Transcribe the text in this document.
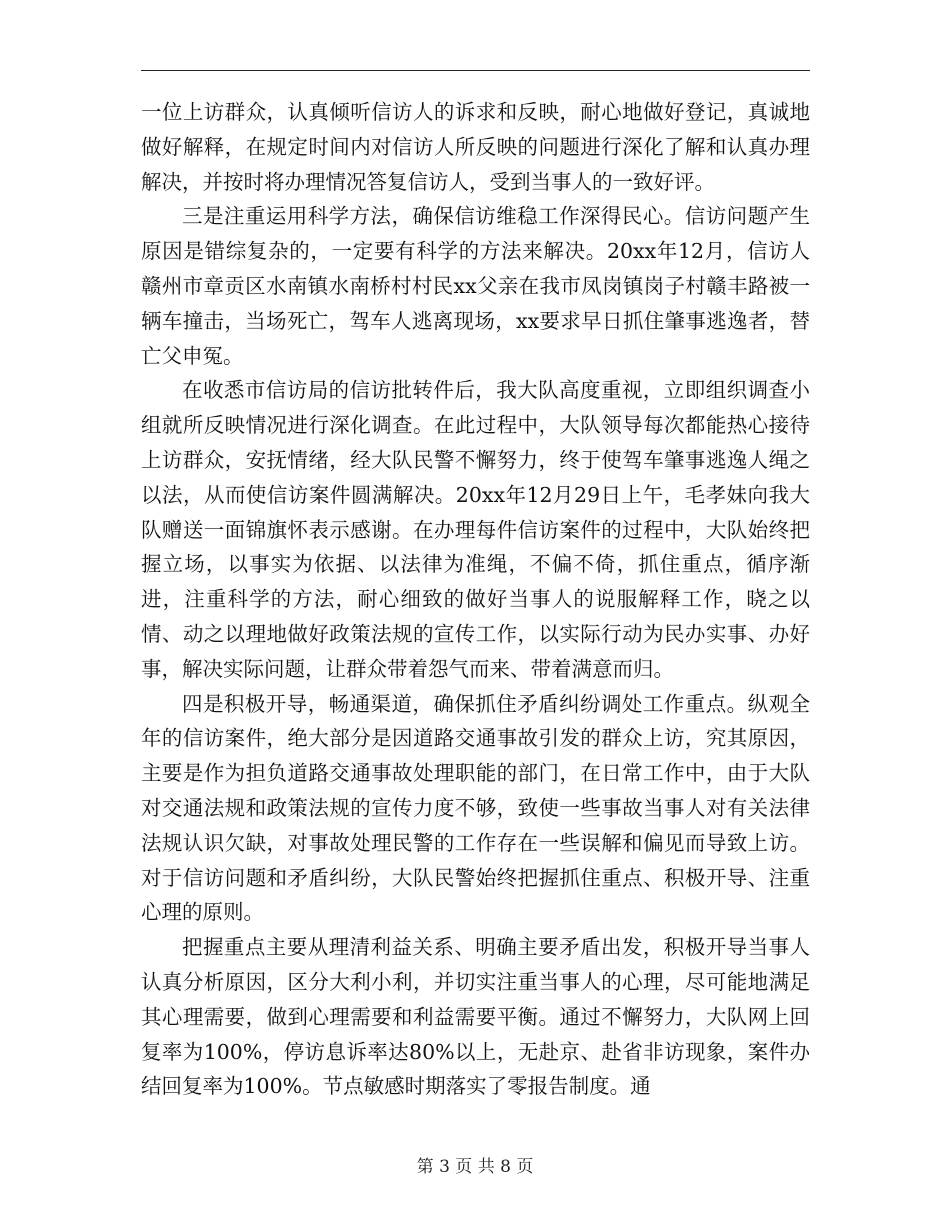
一位上访群众，认真倾听信访人的诉求和反映，耐心地做好登记，真诚地做好解释，在规定时间内对信访人所反映的问题进行深化了解和认真办理解决，并按时将办理情况答复信访人，受到当事人的一致好评。

三是注重运用科学方法，确保信访维稳工作深得民心。信访问题产生原因是错综复杂的，一定要有科学的方法来解决。20xx年12月，信访人赣州市章贡区水南镇水南桥村村民xx父亲在我市凤岗镇岗子村赣丰路被一辆车撞击，当场死亡，驾车人逃离现场，xx要求早日抓住肇事逃逸者，替亡父申冤。

在收悉市信访局的信访批转件后，我大队高度重视，立即组织调查小组就所反映情况进行深化调查。在此过程中，大队领导每次都能热心接待上访群众，安抚情绪，经大队民警不懈努力，终于使驾车肇事逃逸人绳之以法，从而使信访案件圆满解决。20xx年12月29日上午，毛孝妹向我大队赠送一面锦旗怀表示感谢。在办理每件信访案件的过程中，大队始终把握立场，以事实为依据、以法律为准绳，不偏不倚，抓住重点，循序渐进，注重科学的方法，耐心细致的做好当事人的说服解释工作，晓之以情、动之以理地做好政策法规的宣传工作，以实际行动为民办实事、办好事，解决实际问题，让群众带着怨气而来、带着满意而归。

四是积极开导，畅通渠道，确保抓住矛盾纠纷调处工作重点。纵观全年的信访案件，绝大部分是因道路交通事故引发的群众上访，究其原因，主要是作为担负道路交通事故处理职能的部门，在日常工作中，由于大队对交通法规和政策法规的宣传力度不够，致使一些事故当事人对有关法律法规认识欠缺，对事故处理民警的工作存在一些误解和偏见而导致上访。对于信访问题和矛盾纠纷，大队民警始终把握抓住重点、积极开导、注重心理的原则。

把握重点主要从理清利益关系、明确主要矛盾出发，积极开导当事人认真分析原因，区分大利小利，并切实注重当事人的心理，尽可能地满足其心理需要，做到心理需要和利益需要平衡。通过不懈努力，大队网上回复率为100%，停访息诉率达80%以上，无赴京、赴省非访现象，案件办结回复率为100%。节点敏感时期落实了零报告制度。通

第 3 页 共 8 页
